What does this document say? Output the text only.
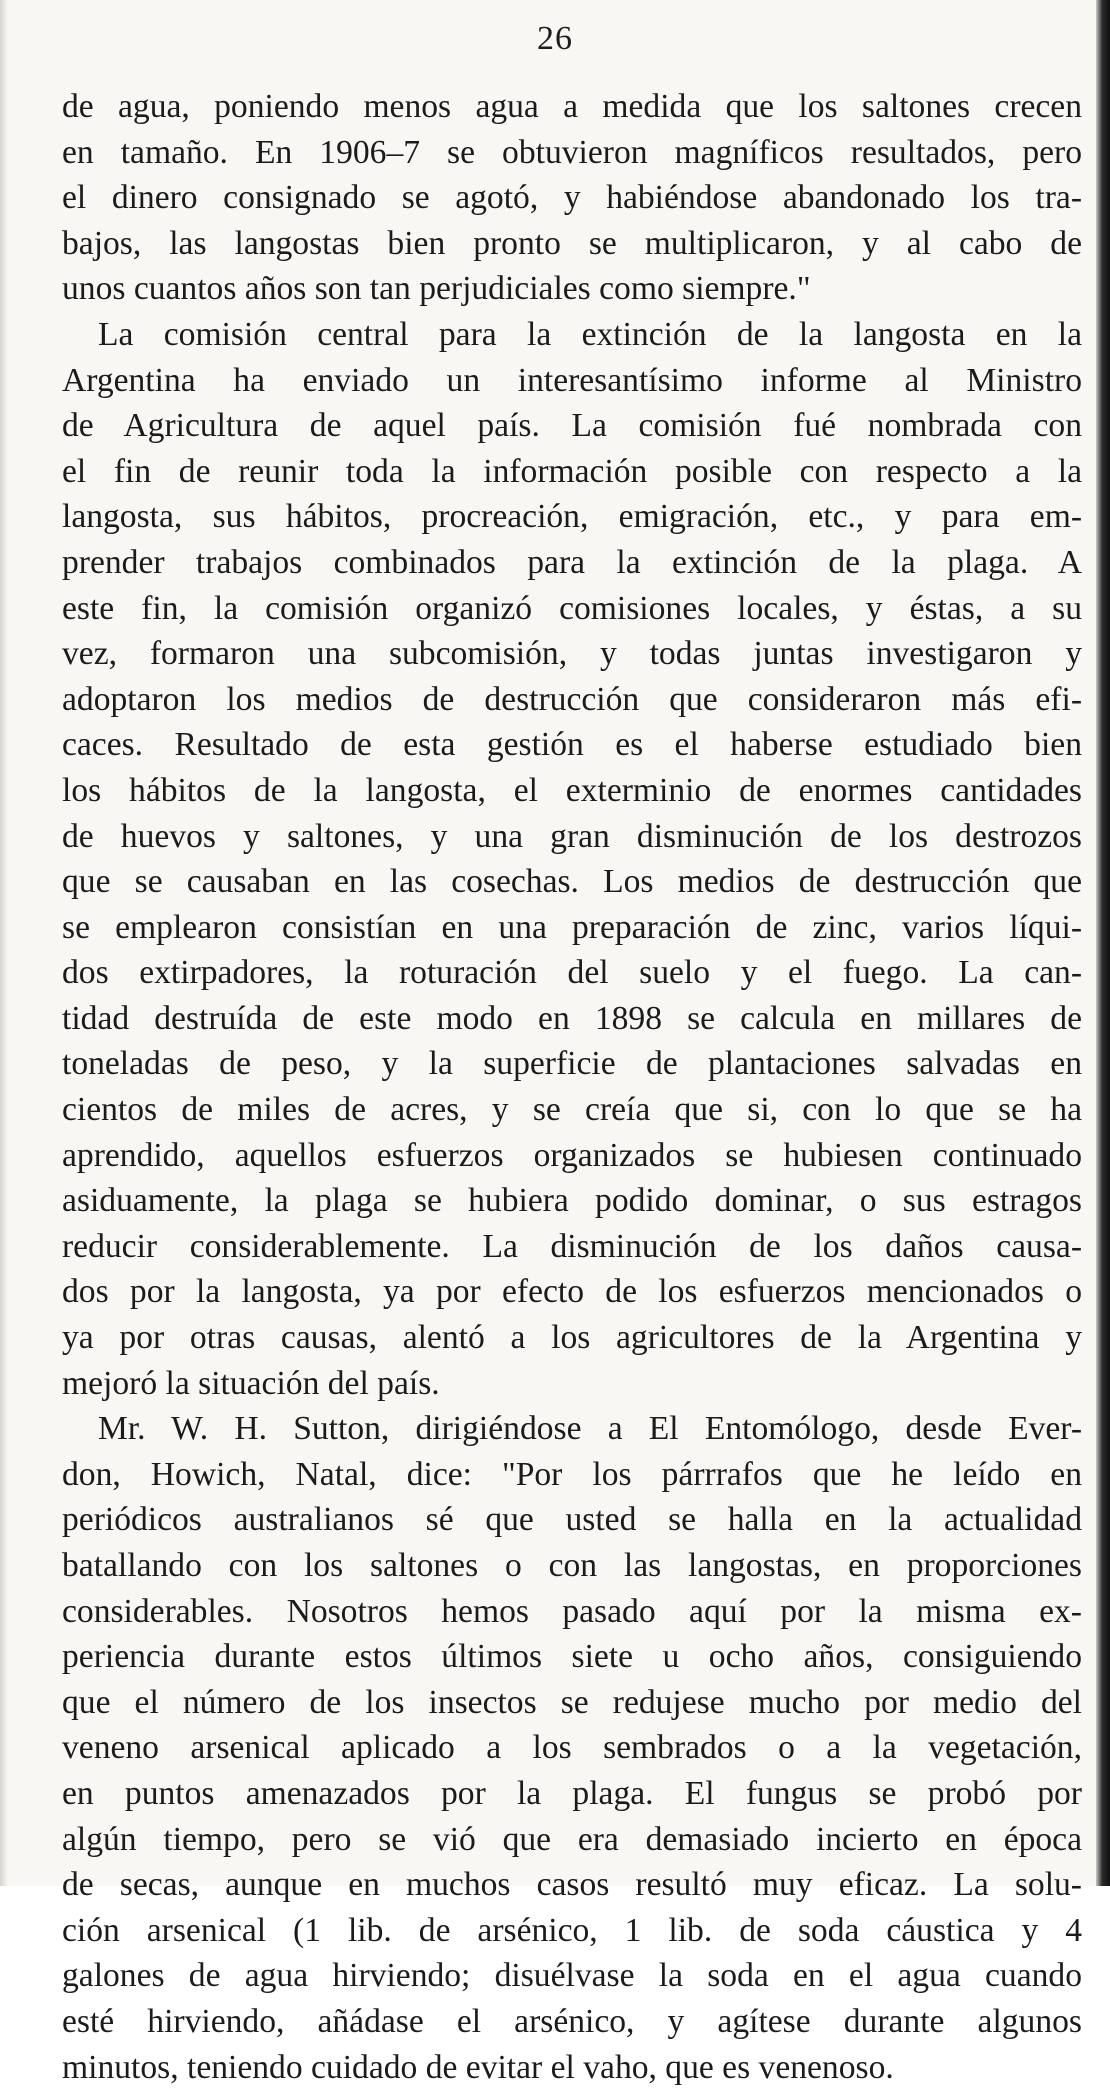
26
de agua, poniendo menos agua a medida que los saltones crecen
en tamaño. En 1906–7 se obtuvieron magníficos resultados, pero
el dinero consignado se agotó, y habiéndose abandonado los tra-
bajos, las langostas bien pronto se multiplicaron, y al cabo de
unos cuantos años son tan perjudiciales como siempre."
La comisión central para la extinción de la langosta en la
Argentina ha enviado un interesantísimo informe al Ministro
de Agricultura de aquel país. La comisión fué nombrada con
el fin de reunir toda la información posible con respecto a la
langosta, sus hábitos, procreación, emigración, etc., y para em-
prender trabajos combinados para la extinción de la plaga. A
este fin, la comisión organizó comisiones locales, y éstas, a su
vez, formaron una subcomisión, y todas juntas investigaron y
adoptaron los medios de destrucción que consideraron más efi-
caces. Resultado de esta gestión es el haberse estudiado bien
los hábitos de la langosta, el exterminio de enormes cantidades
de huevos y saltones, y una gran disminución de los destrozos
que se causaban en las cosechas. Los medios de destrucción que
se emplearon consistían en una preparación de zinc, varios líqui-
dos extirpadores, la roturación del suelo y el fuego. La can-
tidad destruída de este modo en 1898 se calcula en millares de
toneladas de peso, y la superficie de plantaciones salvadas en
cientos de miles de acres, y se creía que si, con lo que se ha
aprendido, aquellos esfuerzos organizados se hubiesen continuado
asiduamente, la plaga se hubiera podido dominar, o sus estragos
reducir considerablemente. La disminución de los daños causa-
dos por la langosta, ya por efecto de los esfuerzos mencionados o
ya por otras causas, alentó a los agricultores de la Argentina y
mejoró la situación del país.
Mr. W. H. Sutton, dirigiéndose a El Entomólogo, desde Ever-
don, Howich, Natal, dice: "Por los párrrafos que he leído en
periódicos australianos sé que usted se halla en la actualidad
batallando con los saltones o con las langostas, en proporciones
considerables. Nosotros hemos pasado aquí por la misma ex-
periencia durante estos últimos siete u ocho años, consiguiendo
que el número de los insectos se redujese mucho por medio del
veneno arsenical aplicado a los sembrados o a la vegetación,
en puntos amenazados por la plaga. El fungus se probó por
algún tiempo, pero se vió que era demasiado incierto en época
de secas, aunque en muchos casos resultó muy eficaz. La solu-
ción arsenical (1 lib. de arsénico, 1 lib. de soda cáustica y 4
galones de agua hirviendo; disuélvase la soda en el agua cuando
esté hirviendo, añádase el arsénico, y agítese durante algunos
minutos, teniendo cuidado de evitar el vaho, que es venenoso.
